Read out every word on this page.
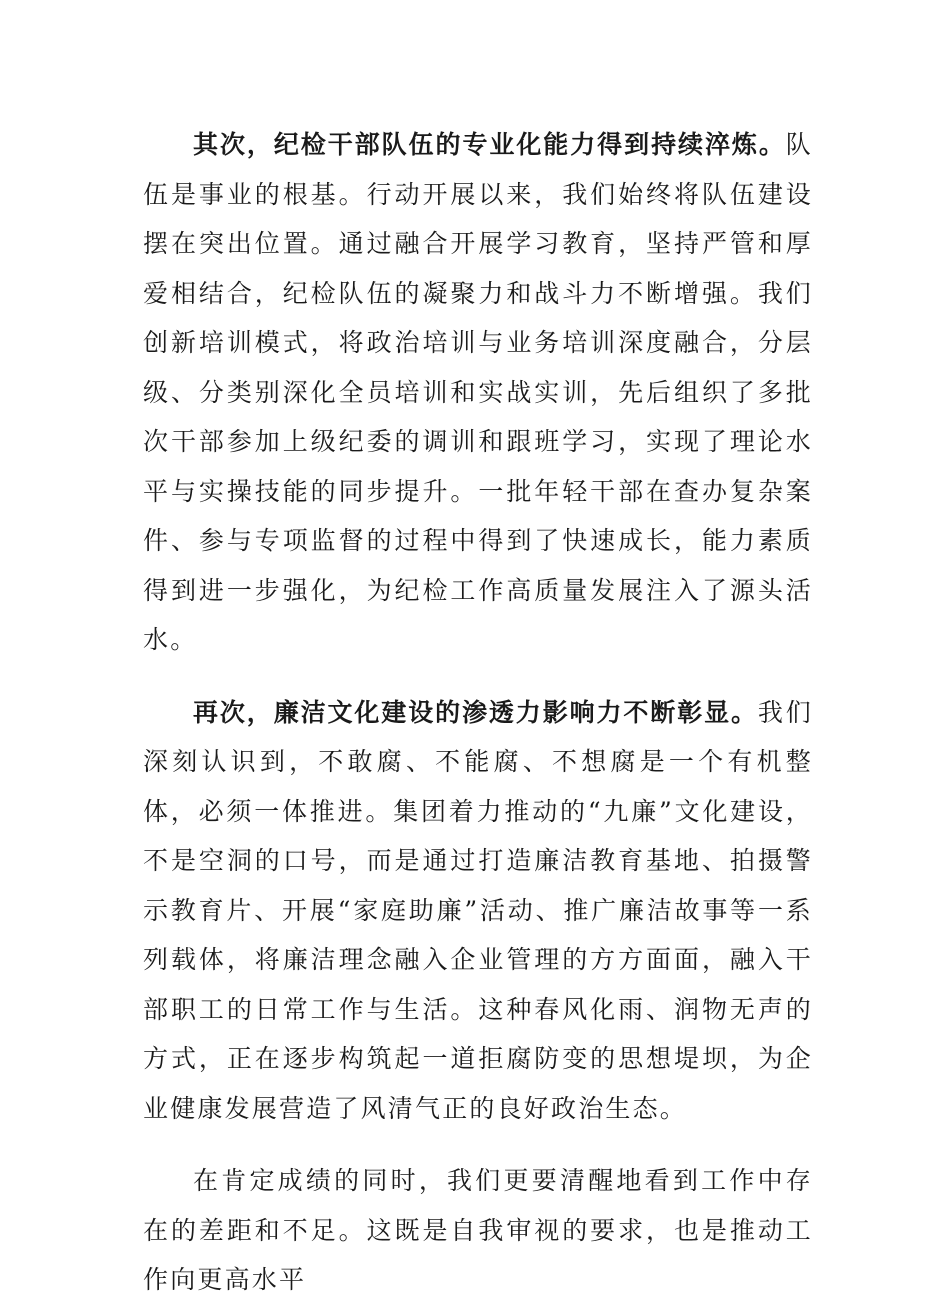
其次，纪检干部队伍的专业化能力得到持续淬炼。队伍是事业的根基。行动开展以来，我们始终将队伍建设摆在突出位置。通过融合开展学习教育，坚持严管和厚爱相结合，纪检队伍的凝聚力和战斗力不断增强。我们创新培训模式，将政治培训与业务培训深度融合，分层级、分类别深化全员培训和实战实训，先后组织了多批次干部参加上级纪委的调训和跟班学习，实现了理论水平与实操技能的同步提升。一批年轻干部在查办复杂案件、参与专项监督的过程中得到了快速成长，能力素质得到进一步强化，为纪检工作高质量发展注入了源头活水。

再次，廉洁文化建设的渗透力影响力不断彰显。我们深刻认识到，不敢腐、不能腐、不想腐是一个有机整体，必须一体推进。集团着力推动的“九廉”文化建设，不是空洞的口号，而是通过打造廉洁教育基地、拍摄警示教育片、开展“家庭助廉”活动、推广廉洁故事等一系列载体，将廉洁理念融入企业管理的方方面面，融入干部职工的日常工作与生活。这种春风化雨、润物无声的方式，正在逐步构筑起一道拒腐防变的思想堤坝，为企业健康发展营造了风清气正的良好政治生态。

在肯定成绩的同时，我们更要清醒地看到工作中存在的差距和不足。这既是自我审视的要求，也是推动工作向更高水平
